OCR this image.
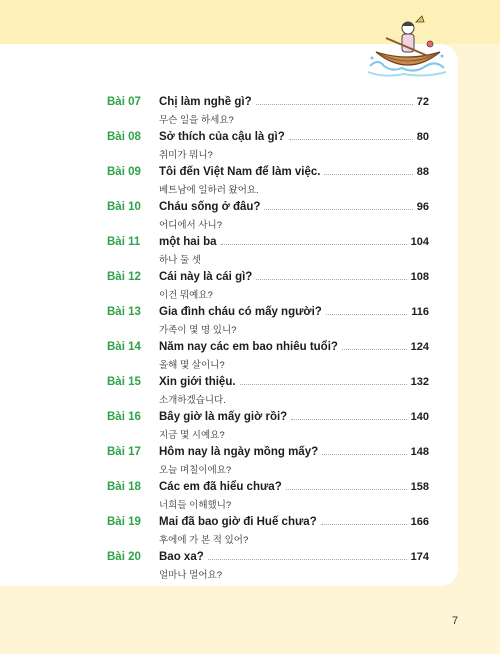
Bài 07 Chị làm nghề gì?	72
무슨 일을 하세요?
Bài 08 Sở thích của cậu là gì?	80
취미가 뭐니?
Bài 09 Tôi đến Việt Nam để làm việc.	88
베트남에 일하러 왔어요.
Bài 10 Cháu sống ở đâu?	96
어디에서 사니?
Bài 11 một hai ba	104
하나 둘 셋
Bài 12 Cái này là cái gì?	108
이건 뭐예요?
Bài 13 Gia đình cháu có mấy người?	116
가족이 몇 명 있니?
Bài 14 Năm nay các em bao nhiêu tuổi?	124
올해 몇 살이니?
Bài 15 Xin giới thiệu.	132
소개하겠습니다.
Bài 16 Bây giờ là mấy giờ rồi?	140
지금 몇 시예요?
Bài 17 Hôm nay là ngày mồng mấy?	148
오늘 며칠이에요?
Bài 18 Các em đã hiểu chưa?	158
너희들 이해했니?
Bài 19 Mai đã bao giờ đi Huế chưa?	166
후에에 가 본 적 있어?
Bài 20 Bao xa?	174
얼마나 멀어요?
7
